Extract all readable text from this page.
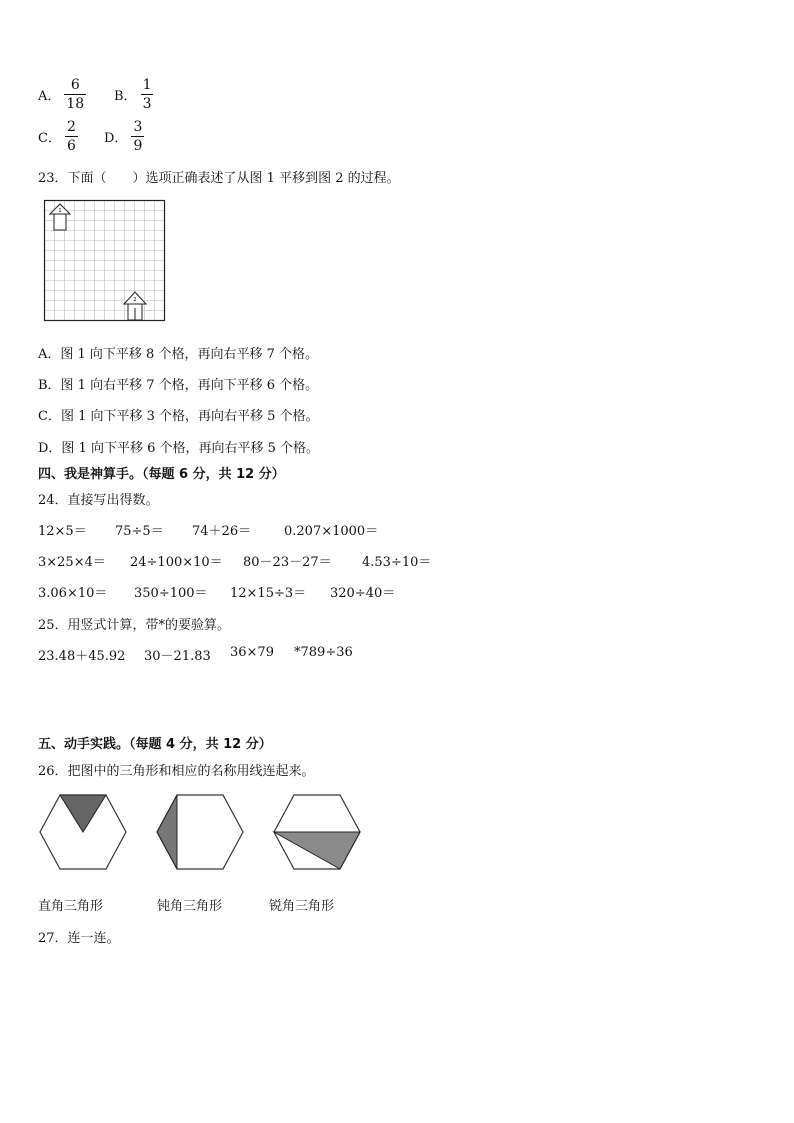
A． $\frac{6}{18}$ B． $\frac{1}{3}$
C． $\frac{2}{6}$ D． $\frac{3}{9}$
23．下面（　　）选项正确表述了从图 1 平移到图 2 的过程。
1
2
A．图 1 向下平移 8 个格，再向右平移 7 个格。
B．图 1 向右平移 7 个格，再向下平移 6 个格。
C．图 1 向下平移 3 个格，再向右平移 5 个格。
D．图 1 向下平移 6 个格，再向右平移 5 个格。
四、我是神算手。（每题 6 分，共 12 分）
24．直接写出得数。
12×5＝ 75÷5＝ 74＋26＝	0.207×1000＝
3×25×4＝ 24÷100×10＝ 80－23－27＝ 4.53÷10＝
3.06×10＝ 350÷100＝ 12×15÷3＝ 320÷40＝
25．用竖式计算，带*的要验算。
23.48＋45.92 30－21.83 36×79 *789÷36
五、动手实践。（每题 4 分，共 12 分）
26．把图中的三角形和相应的名称用线连起来。
直角三角形	钝角三角形	锐角三角形
27．连一连。
